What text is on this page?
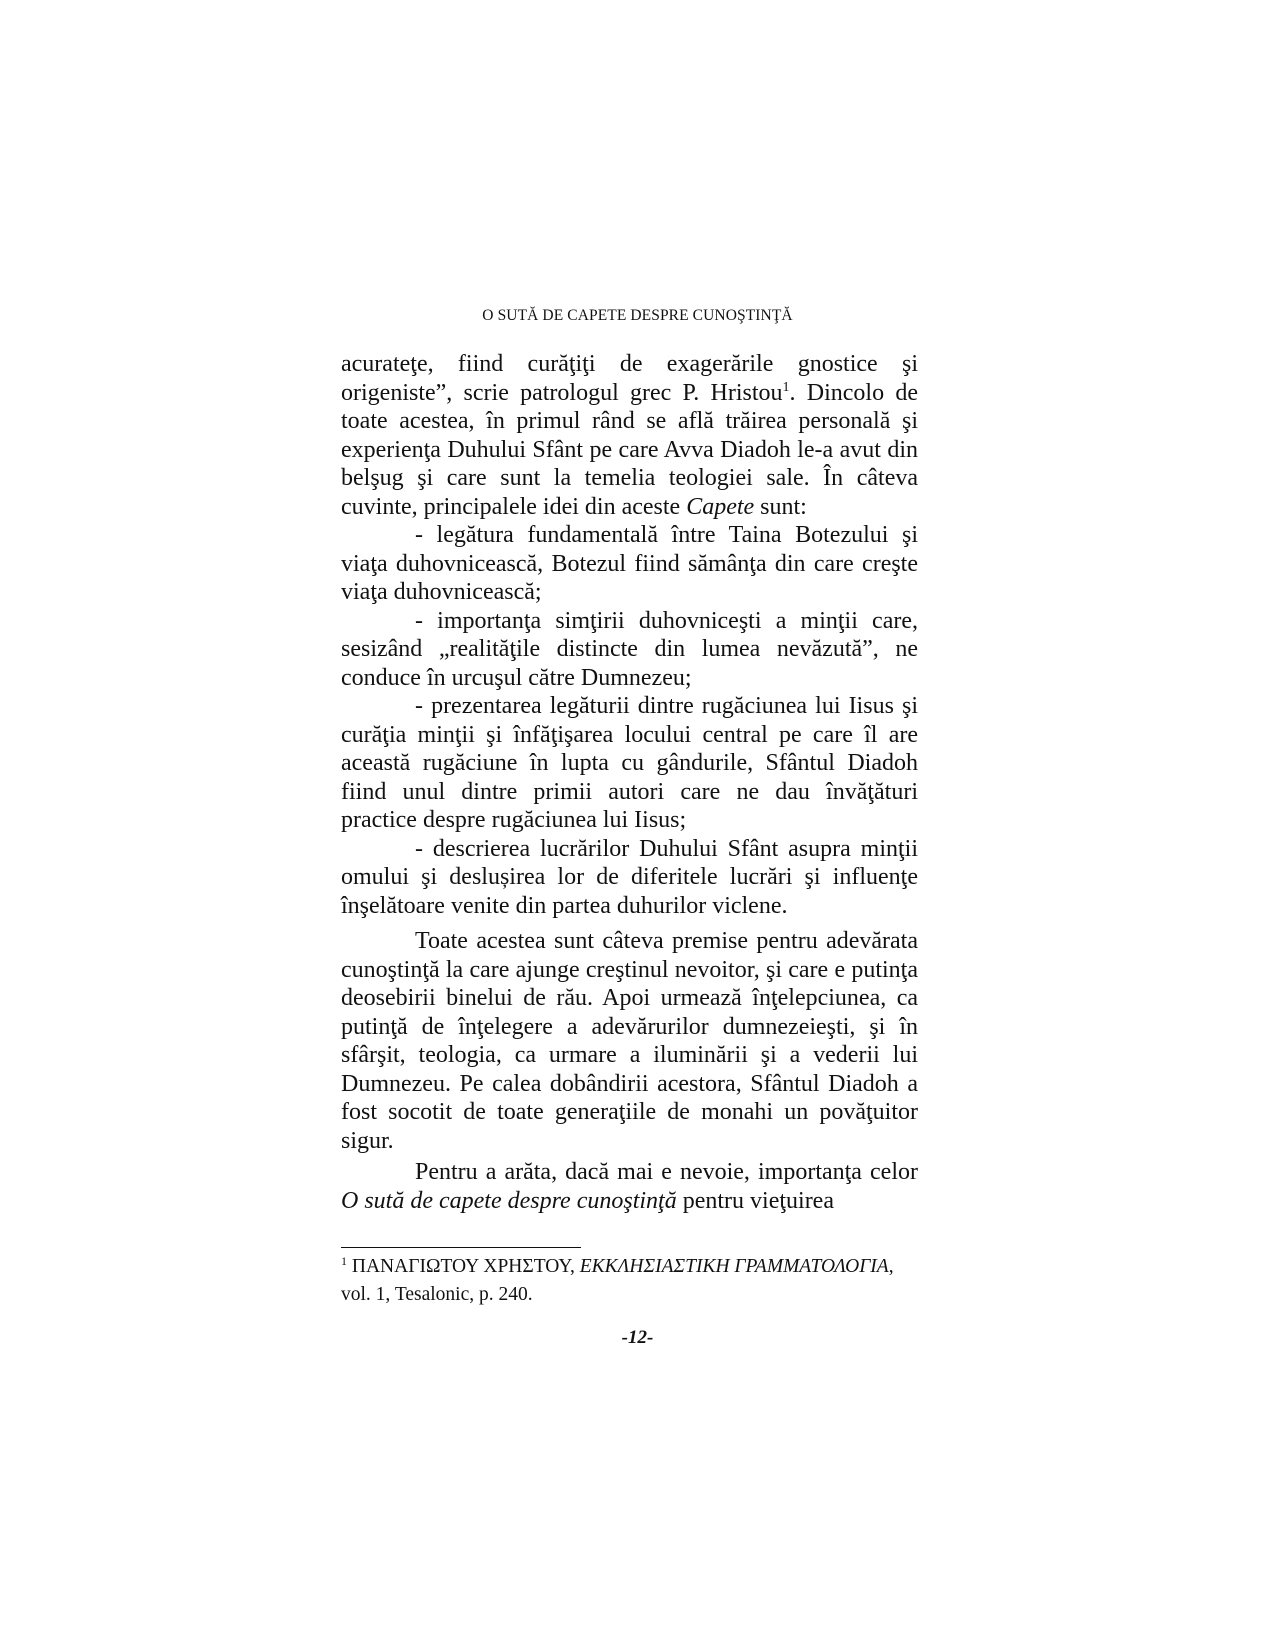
O SUTĂ DE CAPETE DESPRE CUNOŞTINŢĂ

acurateţe, fiind curăţiţi de exagerările gnostice şi origeniste”, scrie patrologul grec P. Hristou$^1$. Dincolo de toate acestea, în primul rând se află trăirea personală şi experienţa Duhului Sfânt pe care Avva Diadoh le-a avut din belşug şi care sunt la temelia teologiei sale. În câteva cuvinte, principalele idei din aceste Capete sunt:

- legătura fundamentală între Taina Botezului şi viaţa duhovnicească, Botezul fiind sămânţa din care creşte viaţa duhovnicească;

- importanţa simţirii duhovniceşti a minţii care, sesizând „realităţile distincte din lumea nevăzută”, ne conduce în urcuşul către Dumnezeu;

- prezentarea legăturii dintre rugăciunea lui Iisus şi curăţia minţii şi înfăţişarea locului central pe care îl are această rugăciune în lupta cu gândurile, Sfântul Diadoh fiind unul dintre primii autori care ne dau învăţături practice despre rugăciunea lui Iisus;

- descrierea lucrărilor Duhului Sfânt asupra minţii omului şi deslușirea lor de diferitele lucrări şi influenţe înşelătoare venite din partea duhurilor viclene.

Toate acestea sunt câteva premise pentru adevărata cunoştinţă la care ajunge creştinul nevoitor, şi care e putinţa deosebirii binelui de rău. Apoi urmează înţelepciunea, ca putinţă de înţelegere a adevărurilor dumnezeieşti, şi în sfârşit, teologia, ca urmare a iluminării şi a vederii lui Dumnezeu. Pe calea dobândirii acestora, Sfântul Diadoh a fost socotit de toate generaţiile de monahi un povăţuitor sigur.

Pentru a arăta, dacă mai e nevoie, importanţa celor O sută de capete despre cunoştinţă pentru vieţuirea

$^1$ ΠΑΝΑΓΙΩΤΟΥ ΧΡΗΣΤΟΥ, ΕΚΚΛΗΣΙΑΣΤΙΚΗ ΓΡΑΜΜΑΤΟΛΟΓΙΑ, vol. 1, Tesalonic, p. 240.
-12-
